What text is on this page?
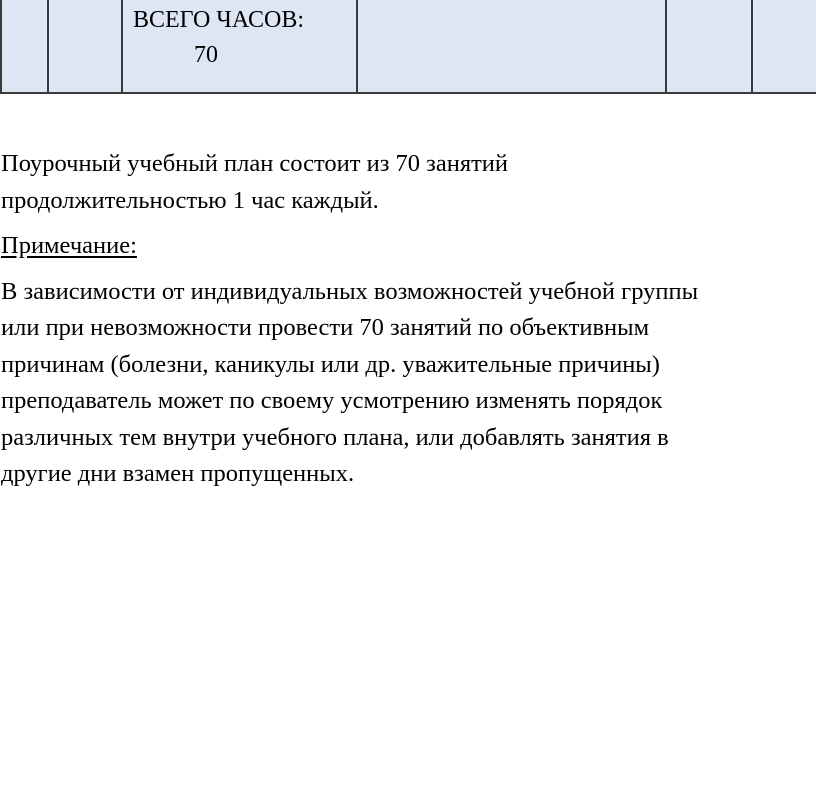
ВСЕГО ЧАСОВ:
70

Поурочный учебный план состоит из 70 занятий
продолжительностью 1 час каждый.

Примечание:

В зависимости от индивидуальных возможностей учебной группы
или при невозможности провести 70 занятий по объективным
причинам (болезни, каникулы или др. уважительные причины)
преподаватель может по своему усмотрению изменять порядок
различных тем внутри учебного плана, или добавлять занятия в
другие дни взамен пропущенных.
